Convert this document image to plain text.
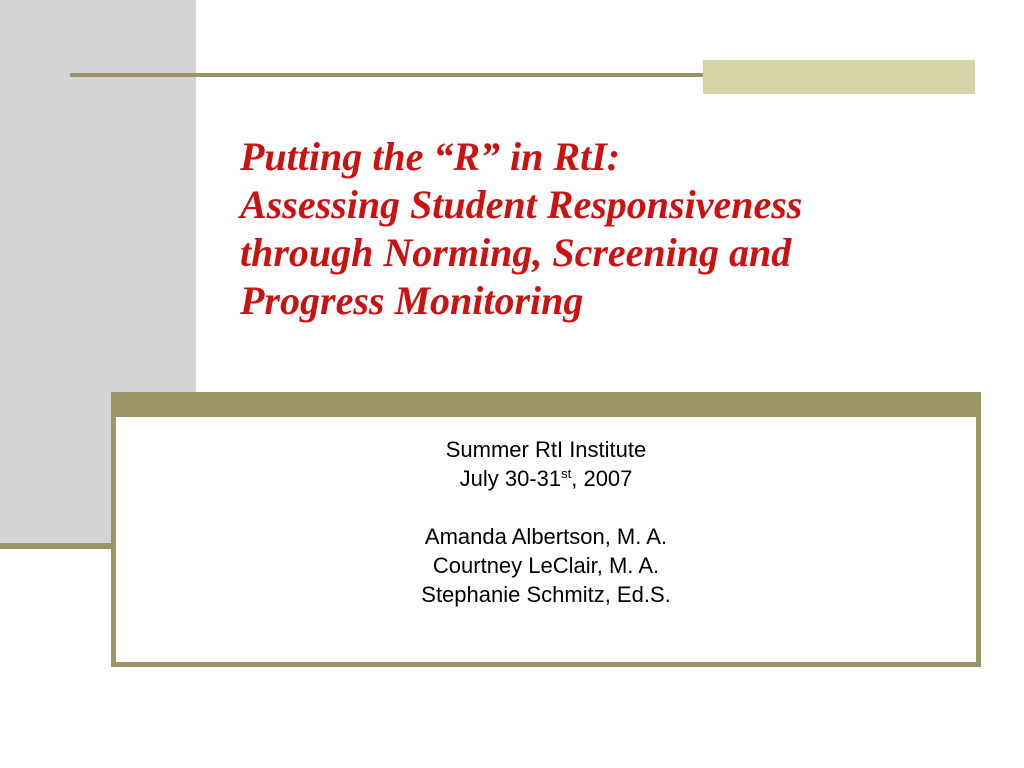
Putting the “R” in RtI:
Assessing Student Responsiveness
through Norming, Screening and
Progress Monitoring

Summer RtI Institute

July 30-31st, 2007

Amanda Albertson, M. A.

Courtney LeClair, M. A.

Stephanie Schmitz, Ed.S.
